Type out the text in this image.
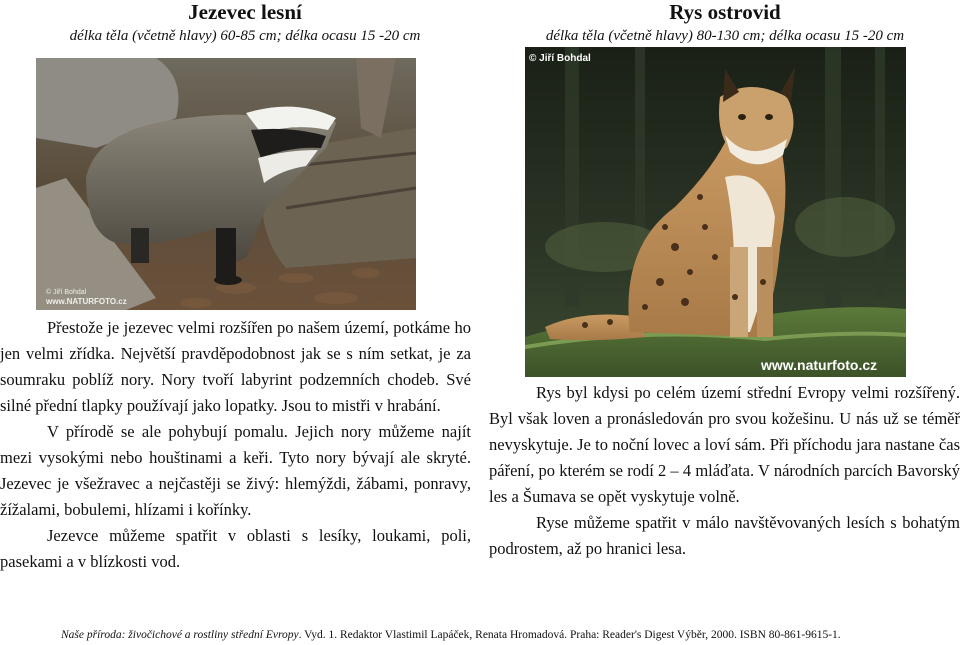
Jezevec lesní
délka těla (včetně hlavy) 60-85 cm; délka ocasu 15 -20 cm
Rys ostrovid
délka těla (včetně hlavy) 80-130 cm; délka ocasu 15 -20 cm
© Jiří Bohdal
www.NATURFOTO.cz
© Jiří Bohdal
www.naturfoto.cz

Přestože je jezevec velmi rozšířen po našem území, potkáme ho jen velmi zřídka. Největší pravděpodobnost jak se s ním setkat, je za soumraku poblíž nory. Nory tvoří labyrint podzemních chodeb. Své silné přední tlapky používají jako lopatky. Jsou to mistři v hrabání.

V přírodě se ale pohybují pomalu. Jejich nory můžeme najít mezi vysokými nebo houštinami a keři. Tyto nory bývají ale skryté. Jezevec je všežravec a nejčastěji se živý: hlemýždi, žábami, ponravy, žížalami, bobulemi, hlízami i kořínky.

Jezevce můžeme spatřit v oblasti s lesíky, loukami, poli, pasekami a v blízkosti vod.

Rys byl kdysi po celém území střední Evropy velmi rozšířený. Byl však loven a pronásledován pro svou kožešinu. U nás už se téměř nevyskytuje. Je to noční lovec a loví sám. Při příchodu jara nastane čas páření, po kterém se rodí 2 – 4 mláďata. V národních parcích Bavorský les a Šumava se opět vyskytuje volně.

Ryse můžeme spatřit v málo navštěvovaných lesích s bohatým podrostem, až po hranici lesa.

Naše příroda: živočichové a rostliny střední Evropy. Vyd. 1. Redaktor Vlastimil Lapáček, Renata Hromadová. Praha: Reader's Digest Výběr, 2000. ISBN 80-861-9615-1.
